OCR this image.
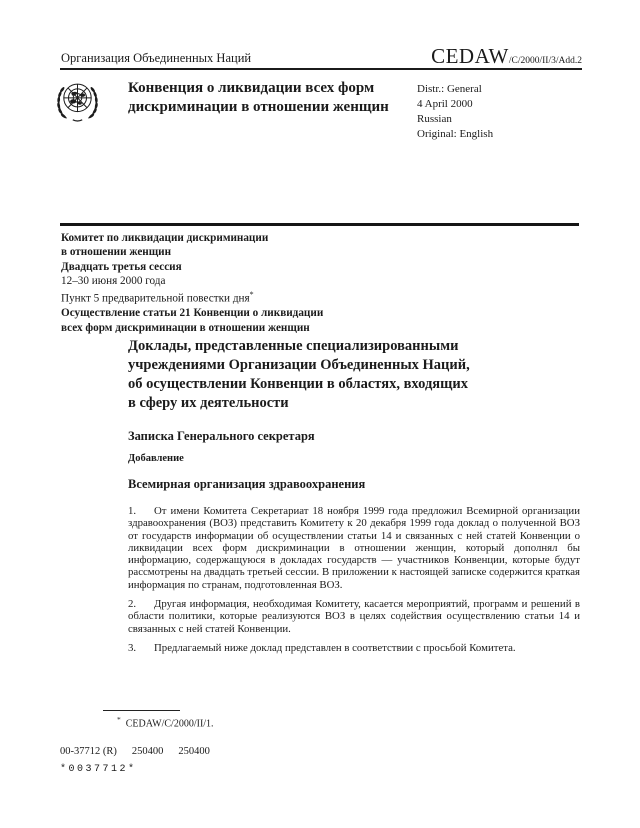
Организация Объединенных Наций	CEDAW/C/2000/II/3/Add.2
Конвенция о ликвидации всех форм дискриминации в отношении женщин
Distr.: General
4 April 2000
Russian
Original: English
Комитет по ликвидации дискриминации
в отношении женщин
Двадцать третья сессия
12–30 июня 2000 года
Пункт 5 предварительной повестки дня*
Осуществление статьи 21 Конвенции о ликвидации
всех форм дискриминации в отношении женщин
Доклады, представленные специализированными
учреждениями Организации Объединенных Наций,
об осуществлении Конвенции в областях, входящих
в сферу их деятельности
Записка Генерального секретаря
Добавление
Всемирная организация здравоохранения

1. От имени Комитета Секретариат 18 ноября 1999 года предложил Всемирной организации здравоохранения (ВОЗ) представить Комитету к 20 декабря 1999 года доклад о полученной ВОЗ от государств информации об осуществлении статьи 14 и связанных с ней статей Конвенции о ликвидации всех форм дискриминации в отношении женщин, который дополнял бы информацию, содержащуюся в докладах государств — участников Конвенции, которые будут рассмотрены на двадцать третьей сессии. В приложении к настоящей записке содержится краткая информация по странам, подготовленная ВОЗ.

2. Другая информация, необходимая Комитету, касается мероприятий, программ и решений в области политики, которые реализуются ВОЗ в целях содействия осуществлению статьи 14 и связанных с ней статей Конвенции.

3. Предлагаемый ниже доклад представлен в соответствии с просьбой Комитета.

* CEDAW/C/2000/II/1.
00-37712 (R) 250400 250400
*0037712*
